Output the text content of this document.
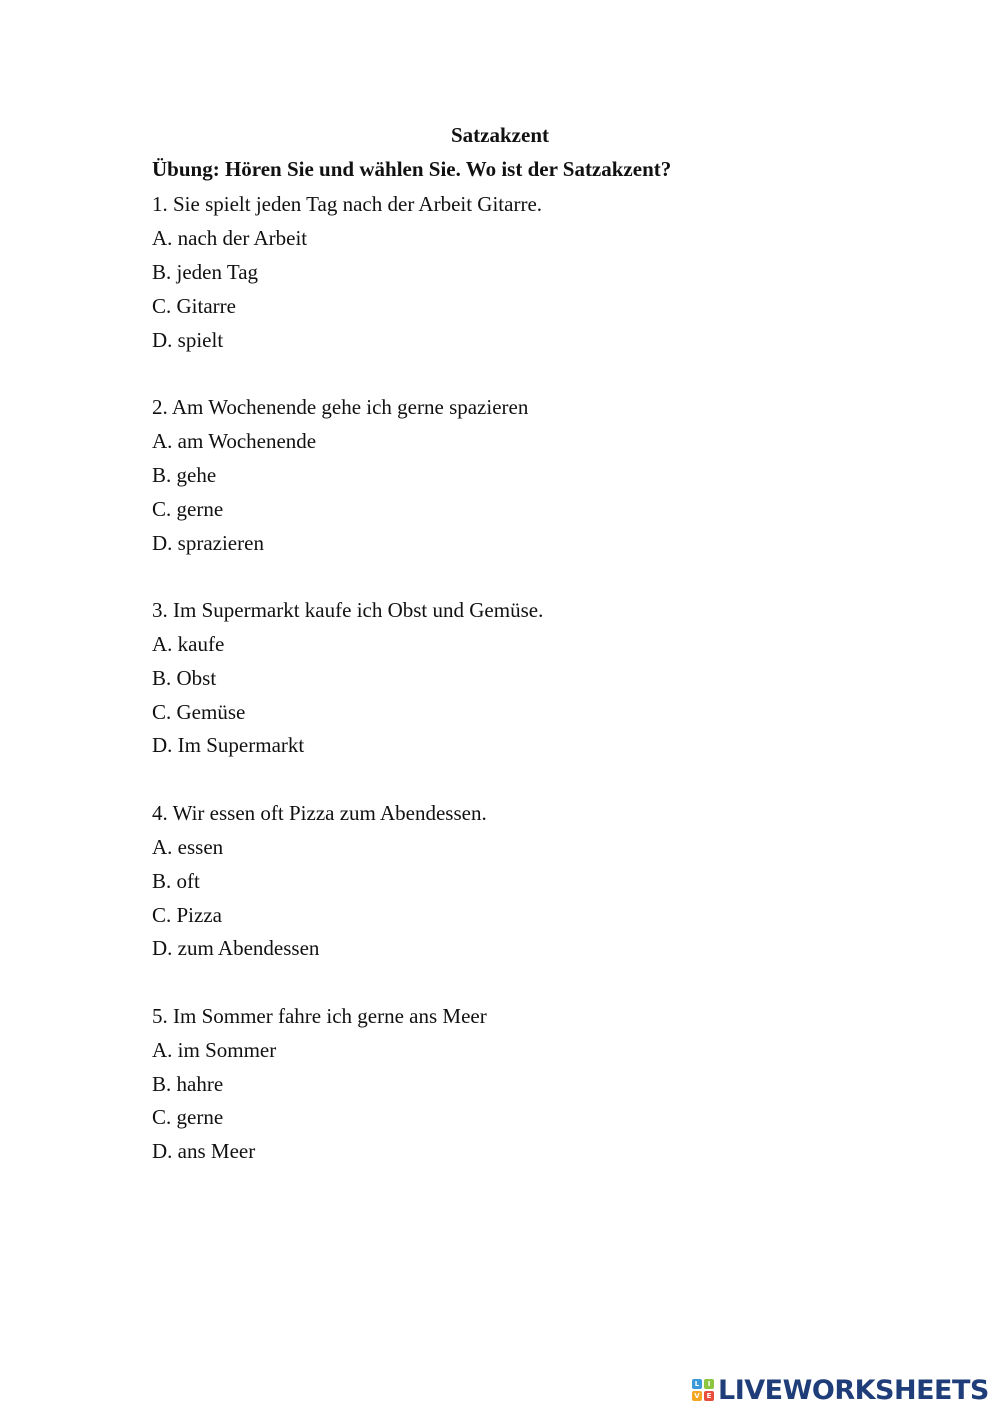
Satzakzent
Übung: Hören Sie und wählen Sie. Wo ist der Satzakzent?
1. Sie spielt jeden Tag nach der Arbeit Gitarre.
A. nach der Arbeit
B. jeden Tag
C. Gitarre
D. spielt
2. Am Wochenende gehe ich gerne spazieren
A. am Wochenende
B. gehe
C. gerne
D. sprazieren
3. Im Supermarkt kaufe ich Obst und Gemüse.
A. kaufe
B. Obst
C. Gemüse
D. Im Supermarkt
4. Wir essen oft Pizza zum Abendessen.
A. essen
B. oft
C. Pizza
D. zum Abendessen
5. Im Sommer fahre ich gerne ans Meer
A. im Sommer
B. hahre
C. gerne
D. ans Meer
L	I
V E LIVEWORKSHEETS
